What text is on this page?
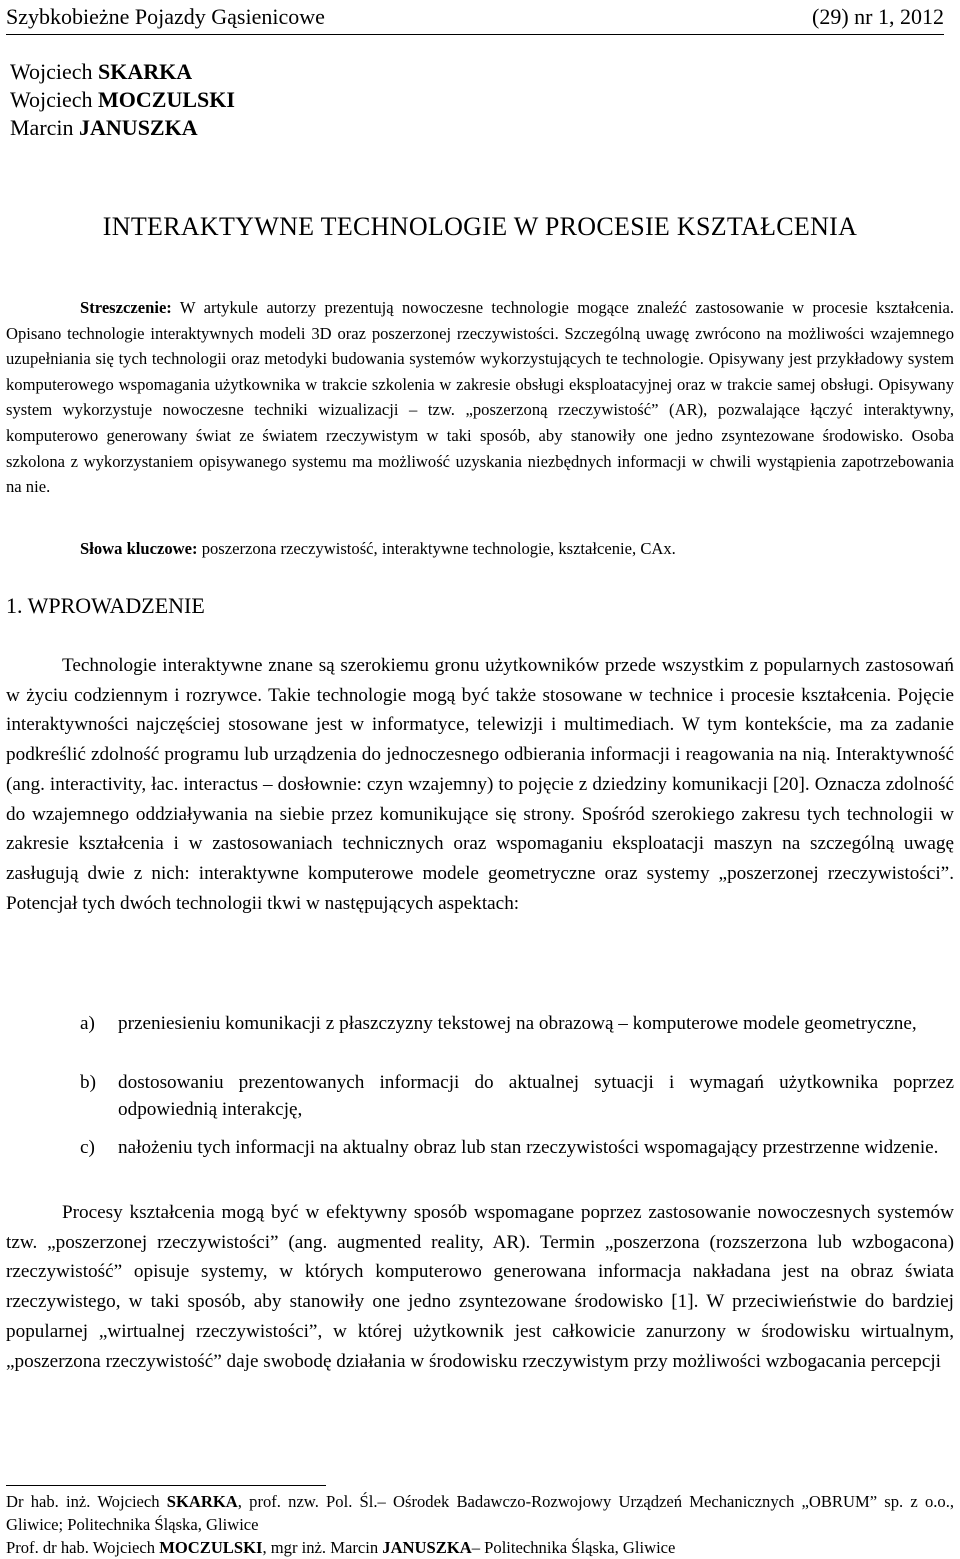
Szybkobieżne Pojazdy Gąsienicowe	(29) nr 1, 2012
Wojciech SKARKA
Wojciech MOCZULSKI
Marcin JANUSZKA
INTERAKTYWNE TECHNOLOGIE W PROCESIE KSZTAŁCENIA
Streszczenie: W artykule autorzy prezentują nowoczesne technologie mogące znaleźć zastosowanie w procesie kształcenia. Opisano technologie interaktywnych modeli 3D oraz poszerzonej rzeczywistości. Szczególną uwagę zwrócono na możliwości wzajemnego uzupełniania się tych technologii oraz metodyki budowania systemów wykorzystujących te technologie. Opisywany jest przykładowy system komputerowego wspomagania użytkownika w trakcie szkolenia w zakresie obsługi eksploatacyjnej oraz w trakcie samej obsługi. Opisywany system wykorzystuje nowoczesne techniki wizualizacji – tzw. „poszerzoną rzeczywistość” (AR), pozwalające łączyć interaktywny, komputerowo generowany świat ze światem rzeczywistym w taki sposób, aby stanowiły one jedno zsyntezowane środowisko. Osoba szkolona z wykorzystaniem opisywanego systemu ma możliwość uzyskania niezbędnych informacji w chwili wystąpienia zapotrzebowania na nie.
Słowa kluczowe: poszerzona rzeczywistość, interaktywne technologie, kształcenie, CAx.
1. WPROWADZENIE
Technologie interaktywne znane są szerokiemu gronu użytkowników przede wszystkim z popularnych zastosowań w życiu codziennym i rozrywce. Takie technologie mogą być także stosowane w technice i procesie kształcenia. Pojęcie interaktywności najczęściej stosowane jest w informatyce, telewizji i multimediach. W tym kontekście, ma za zadanie podkreślić zdolność programu lub urządzenia do jednoczesnego odbierania informacji i reagowania na nią. Interaktywność (ang. interactivity, łac. interactus – dosłownie: czyn wzajemny) to pojęcie z dziedziny komunikacji [20]. Oznacza zdolność do wzajemnego oddziaływania na siebie przez komunikujące się strony. Spośród szerokiego zakresu tych technologii w zakresie kształcenia i w zastosowaniach technicznych oraz wspomaganiu eksploatacji maszyn na szczególną uwagę zasługują dwie z nich: interaktywne komputerowe modele geometryczne oraz systemy „poszerzonej rzeczywistości”. Potencjał tych dwóch technologii tkwi w następujących aspektach:
a) przeniesieniu komunikacji z płaszczyzny tekstowej na obrazową – komputerowe modele geometryczne,
b) dostosowaniu prezentowanych informacji do aktualnej sytuacji i wymagań użytkownika poprzez odpowiednią interakcję,
c) nałożeniu tych informacji na aktualny obraz lub stan rzeczywistości wspomagający przestrzenne widzenie.
Procesy kształcenia mogą być w efektywny sposób wspomagane poprzez zastosowanie nowoczesnych systemów tzw. „poszerzonej rzeczywistości” (ang. augmented reality, AR). Termin „poszerzona (rozszerzona lub wzbogacona) rzeczywistość” opisuje systemy, w których komputerowo generowana informacja nakładana jest na obraz świata rzeczywistego, w taki sposób, aby stanowiły one jedno zsyntezowane środowisko [1]. W przeciwieństwie do bardziej popularnej „wirtualnej rzeczywistości”, w której użytkownik jest całkowicie zanurzony w środowisku wirtualnym, „poszerzona rzeczywistość” daje swobodę działania w środowisku rzeczywistym przy możliwości wzbogacania percepcji
Dr hab. inż. Wojciech SKARKA, prof. nzw. Pol. Śl.– Ośrodek Badawczo-Rozwojowy Urządzeń Mechanicznych „OBRUM” sp. z o.o., Gliwice; Politechnika Śląska, Gliwice
Prof. dr hab. Wojciech MOCZULSKI, mgr inż. Marcin JANUSZKA– Politechnika Śląska, Gliwice
